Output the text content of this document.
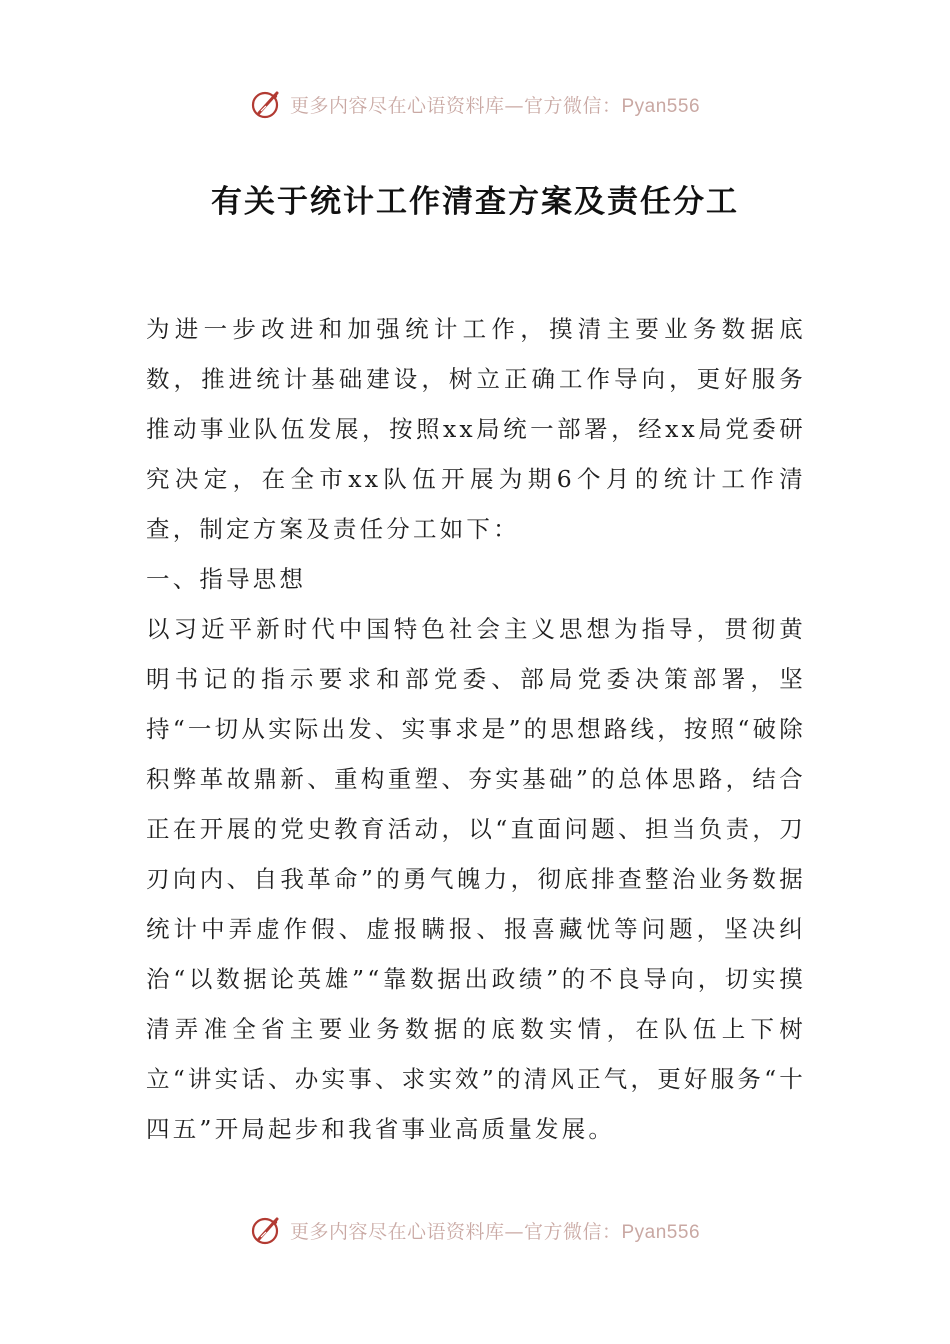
更多内容尽在心语资料库—官方微信：Pyan556
有关于统计工作清查方案及责任分工

为进一步改进和加强统计工作，摸清主要业务数据底数，推进统计基础建设，树立正确工作导向，更好服务推动事业队伍发展，按照xx局统一部署，经xx局党委研究决定，在全市xx队伍开展为期6个月的统计工作清查，制定方案及责任分工如下：

一、指导思想

以习近平新时代中国特色社会主义思想为指导，贯彻黄明书记的指示要求和部党委、部局党委决策部署，坚持“一切从实际出发、实事求是”的思想路线，按照“破除积弊革故鼎新、重构重塑、夯实基础”的总体思路，结合正在开展的党史教育活动，以“直面问题、担当负责，刀刃向内、自我革命”的勇气魄力，彻底排查整治业务数据统计中弄虚作假、虚报瞒报、报喜藏忧等问题，坚决纠治“以数据论英雄”“靠数据出政绩”的不良导向，切实摸清弄准全省主要业务数据的底数实情，在队伍上下树立“讲实话、办实事、求实效”的清风正气，更好服务“十四五”开局起步和我省事业高质量发展。

更多内容尽在心语资料库—官方微信：Pyan556
